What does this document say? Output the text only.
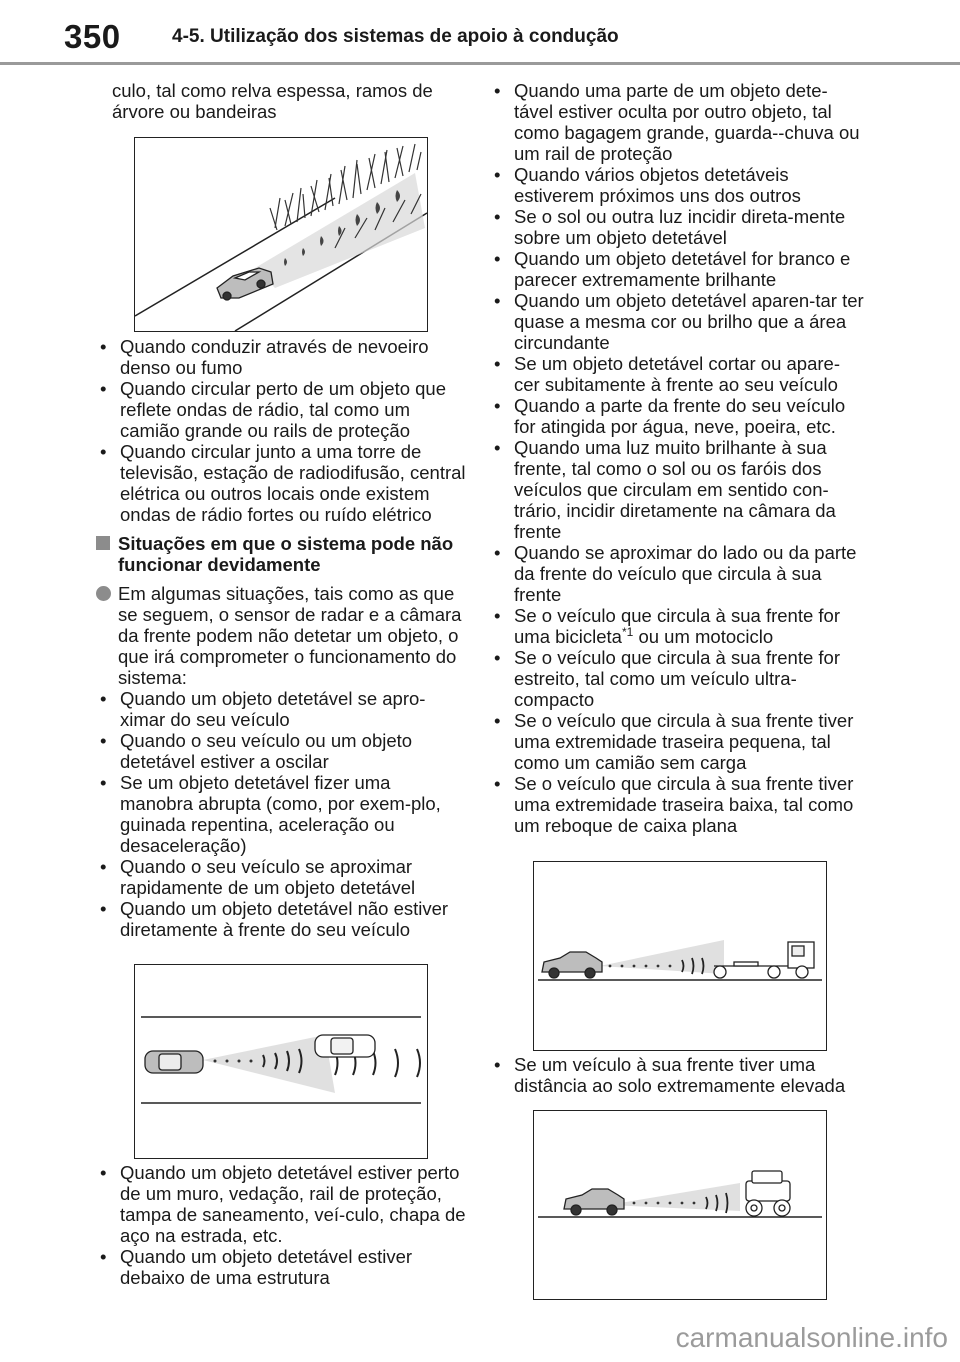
350	4-5. Utilização dos sistemas de apoio à condução

culo, tal como relva espessa, ramos de árvore ou bandeiras

• Quando conduzir através de nevoeiro denso ou fumo
• Quando circular perto de um objeto que reflete ondas de rádio, tal como um camião grande ou rails de proteção
• Quando circular junto a uma torre de televisão, estação de radiodifusão, central elétrica ou outros locais onde existem ondas de rádio fortes ou ruído elétrico
Situações em que o sistema pode não funcionar devidamente
Em algumas situações, tais como as que se seguem, o sensor de radar e a câmara da frente podem não detetar um objeto, o que irá comprometer o funcionamento do sistema:
• Quando um objeto detetável se apro-ximar do seu veículo
• Quando o seu veículo ou um objeto detetável estiver a oscilar
• Se um objeto detetável fizer uma manobra abrupta (como, por exem-plo, guinada repentina, aceleração ou desaceleração)
• Quando o seu veículo se aproximar rapidamente de um objeto detetável
• Quando um objeto detetável não estiver diretamente à frente do seu veículo
• Quando um objeto detetável estiver perto de um muro, vedação, rail de proteção, tampa de saneamento, veí-culo, chapa de aço na estrada, etc.
• Quando um objeto detetável estiver debaixo de uma estrutura
• Quando uma parte de um objeto dete-tável estiver oculta por outro objeto, tal como bagagem grande, guarda--chuva ou um rail de proteção
• Quando vários objetos detetáveis estiverem próximos uns dos outros
• Se o sol ou outra luz incidir direta-mente sobre um objeto detetável
• Quando um objeto detetável for branco e parecer extremamente brilhante
• Quando um objeto detetável aparen-tar ter quase a mesma cor ou brilho que a área circundante
• Se um objeto detetável cortar ou apare-cer subitamente à frente ao seu veículo
• Quando a parte da frente do seu veículo for atingida por água, neve, poeira, etc.
• Quando uma luz muito brilhante à sua frente, tal como o sol ou os faróis dos veículos que circulam em sentido con-trário, incidir diretamente na câmara da frente
• Quando se aproximar do lado ou da parte da frente do veículo que circula à sua frente
• Se o veículo que circula à sua frente for uma bicicleta$^{*1}$ ou um motociclo
• Se o veículo que circula à sua frente for estreito, tal como um veículo ultra-compacto
• Se o veículo que circula à sua frente tiver uma extremidade traseira pequena, tal como um camião sem carga
• Se o veículo que circula à sua frente tiver uma extremidade traseira baixa, tal como um reboque de caixa plana
• Se um veículo à sua frente tiver uma distância ao solo extremamente elevada
carmanualsonline.info
